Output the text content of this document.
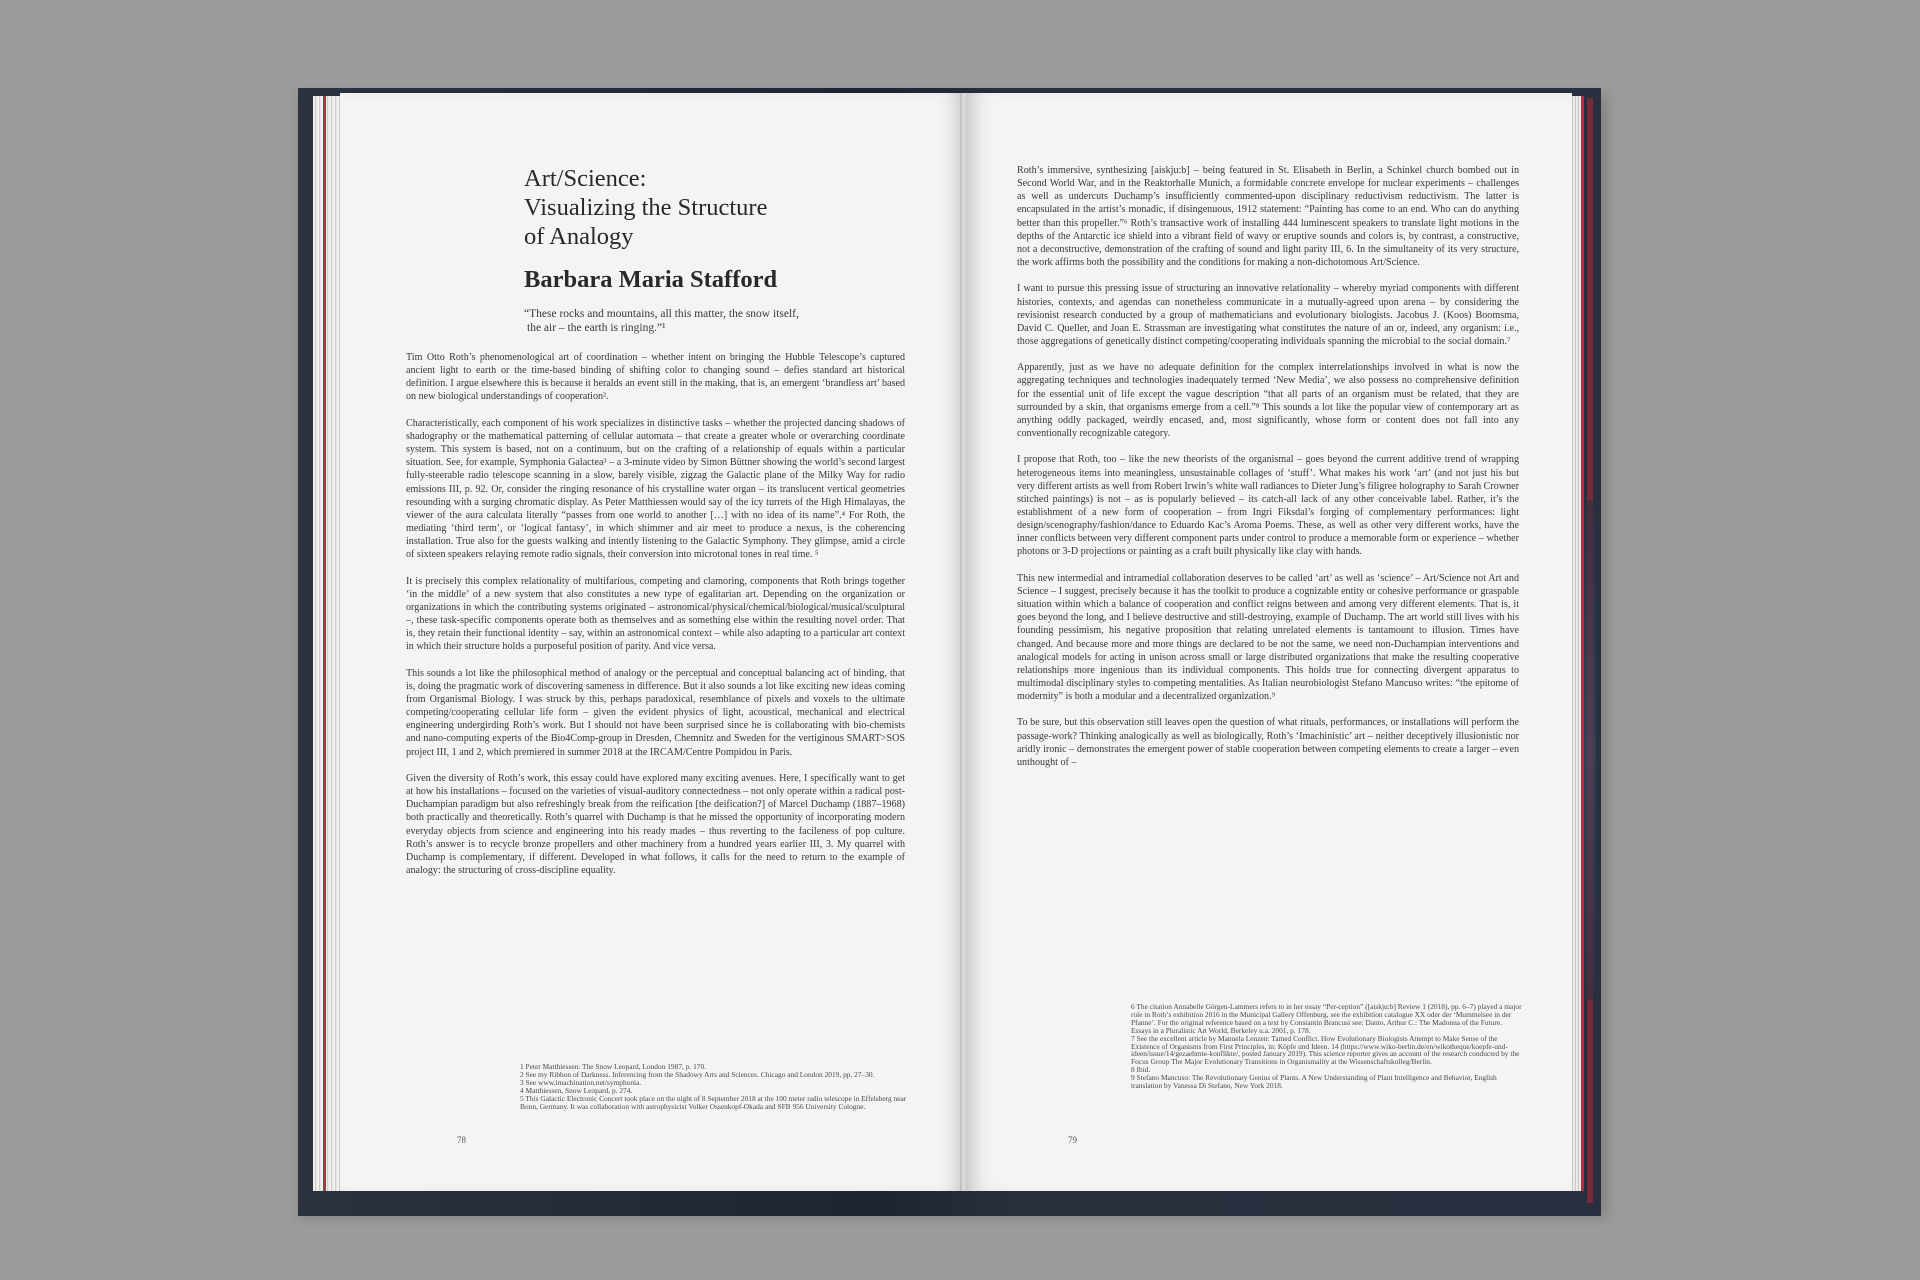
Art/Science:
Visualizing the Structure
of Analogy
Barbara Maria Stafford
“These rocks and mountains, all this matter, the snow itself,
the air – the earth is ringing.”¹

Tim Otto Roth’s phenomenological art of coordination – whether intent on bringing the Hubble Telescope’s captured ancient light to earth or the time-based binding of shifting color to changing sound – defies standard art historical definition. I argue elsewhere this is because it heralds an event still in the making, that is, an emergent ‘brandless art’ based on new biological understandings of cooperation².

Characteristically, each component of his work specializes in distinctive tasks – whether the projected dancing shadows of shadography or the mathematical patterning of cellular automata – that create a greater whole or overarching coordinate system. This system is based, not on a continuum, but on the crafting of a relationship of equals within a particular situation. See, for example, Symphonia Galactea³ – a 3-minute video by Simon Büttner showing the world’s second largest fully-steerable radio telescope scanning in a slow, barely visible, zigzag the Galactic plane of the Milky Way for radio emissions III, p. 92. Or, consider the ringing resonance of his crystalline water organ – its translucent vertical geometries resounding with a surging chromatic display. As Peter Matthiessen would say of the icy turrets of the High Himalayas, the viewer of the aura calculata literally “passes from one world to another […] with no idea of its name”.⁴ For Roth, the mediating ‘third term’, or ‘logical fantasy’, in which shimmer and air meet to produce a nexus, is the coherencing installation. True also for the guests walking and intently listening to the Galactic Symphony. They glimpse, amid a circle of sixteen speakers relaying remote radio signals, their conversion into microtonal tones in real time. ⁵

It is precisely this complex relationality of multifarious, competing and clamoring, components that Roth brings together ‘in the middle’ of a new system that also constitutes a new type of egalitarian art. Depending on the organization or organizations in which the contributing systems originated – astronomical/physical/chemical/biological/musical/sculptural –, these task-specific components operate both as themselves and as something else within the resulting novel order. That is, they retain their functional identity – say, within an astronomical context – while also adapting to a particular art context in which their structure holds a purposeful position of parity. And vice versa.

This sounds a lot like the philosophical method of analogy or the perceptual and conceptual balancing act of binding, that is, doing the pragmatic work of discovering sameness in difference. But it also sounds a lot like exciting new ideas coming from Organismal Biology. I was struck by this, perhaps paradoxical, resemblance of pixels and voxels to the ultimate competing/cooperating cellular life form – given the evident physics of light, acoustical, mechanical and electrical engineering undergirding Roth’s work. But I should not have been surprised since he is collaborating with bio-chemists and nano-computing experts of the Bio4Comp-group in Dresden, Chemnitz and Sweden for the vertiginous SMART>SOS project III, 1 and 2, which premiered in summer 2018 at the IRCAM/Centre Pompidou in Paris.

Given the diversity of Roth’s work, this essay could have explored many exciting avenues. Here, I specifically want to get at how his installations – focused on the varieties of visual-auditory connectedness – not only operate within a radical post-Duchampian paradigm but also refreshingly break from the reification [the deification?] of Marcel Duchamp (1887–1968) both practically and theoretically. Roth’s quarrel with Duchamp is that he missed the opportunity of incorporating modern everyday objects from science and engineering into his ready mades – thus reverting to the facileness of pop culture. Roth’s answer is to recycle bronze propellers and other machinery from a hundred years earlier III, 3. My quarrel with Duchamp is complementary, if different. Developed in what follows, it calls for the need to return to the example of analogy: the structuring of cross-discipline equality.

1 Peter Matthiessen: The Snow Leopard, London 1987, p. 170.

2 See my Ribbon of Darkness. Inferencing from the Shadowy Arts and Sciences. Chicago and London 2019, pp. 27–30.

3 See www.imachination.net/symphonia.

4 Matthiessen, Snow Leopard, p. 274.

5 This Galactic Electronic Concert took place on the night of 8 September 2018 at the 100 meter radio telescope in Effelsberg near Bonn, Germany. It was collaboration with astrophysicist Volker Ossenkopf-Okada and SFB 956 University Cologne.

78

Roth’s immersive, synthesizing [aiskju:b] – being featured in St. Elisabeth in Berlin, a Schinkel church bombed out in Second World War, and in the Reaktorhalle Munich, a formidable concrete envelope for nuclear experiments – challenges as well as undercuts Duchamp’s insufficiently commented-upon disciplinary reductivism reductivism. The latter is encapsulated in the artist’s monadic, if disingenuous, 1912 statement: “Painting has come to an end. Who can do anything better than this propeller.”⁶ Roth’s transactive work of installing 444 luminescent speakers to translate light motions in the depths of the Antarctic ice shield into a vibrant field of wavy or eruptive sounds and colors is, by contrast, a constructive, not a deconstructive, demonstration of the crafting of sound and light parity III, 6. In the simultaneity of its very structure, the work affirms both the possibility and the conditions for making a non-dichotomous Art/Science.

I want to pursue this pressing issue of structuring an innovative relationality – whereby myriad components with different histories, contexts, and agendas can nonetheless communicate in a mutually-agreed upon arena – by considering the revisionist research conducted by a group of mathematicians and evolutionary biologists. Jacobus J. (Koos) Boomsma, David C. Queller, and Joan E. Strassman are investigating what constitutes the nature of an or, indeed, any organism: i.e., those aggregations of genetically distinct competing/cooperating individuals spanning the microbial to the social domain.⁷

Apparently, just as we have no adequate definition for the complex interrelationships involved in what is now the aggregating techniques and technologies inadequately termed ‘New Media’, we also possess no comprehensive definition for the essential unit of life except the vague description “that all parts of an organism must be related, that they are surrounded by a skin, that organisms emerge from a cell.”⁸ This sounds a lot like the popular view of contemporary art as anything oddly packaged, weirdly encased, and, most significantly, whose form or content does not fall into any conventionally recognizable category.

I propose that Roth, too – like the new theorists of the organismal – goes beyond the current additive trend of wrapping heterogeneous items into meaningless, unsustainable collages of ‘stuff’. What makes his work ‘art’ (and not just his but very different artists as well from Robert Irwin’s white wall radiances to Dieter Jung’s filigree holography to Sarah Crowner stitched paintings) is not – as is popularly believed – its catch-all lack of any other conceivable label. Rather, it’s the establishment of a new form of cooperation – from Ingri Fiksdal’s forging of complementary performances: light design/scenography/fashion/dance to Eduardo Kac’s Aroma Poems. These, as well as other very different works, have the inner conflicts between very different component parts under control to produce a memorable form or experience – whether photons or 3-D projections or painting as a craft built physically like clay with hands.

This new intermedial and intramedial collaboration deserves to be called ‘art’ as well as ‘science’ – Art/Science not Art and Science – I suggest, precisely because it has the toolkit to produce a cognizable entity or cohesive performance or graspable situation within which a balance of cooperation and conflict reigns between and among very different elements. That is, it goes beyond the long, and I believe destructive and still-destroying, example of Duchamp. The art world still lives with his founding pessimism, his negative proposition that relating unrelated elements is tantamount to illusion. Times have changed. And because more and more things are declared to be not the same, we need non-Duchampian interventions and analogical models for acting in unison across small or large distributed organizations that make the resulting cooperative relationships more ingenious than its individual components. This holds true for connecting divergent apparatus to multimodal disciplinary styles to competing mentalities. As Italian neurobiologist Stefano Mancuso writes: “the epitome of modernity” is both a modular and a decentralized organization.⁹

To be sure, but this observation still leaves open the question of what rituals, performances, or installations will perform the passage-work? Thinking analogically as well as biologically, Roth’s ‘Imachinistic’ art – neither deceptively illusionistic nor aridly ironic – demonstrates the emergent power of stable cooperation between competing elements to create a larger – even unthought of –

6 The citation Annabelle Görgen-Lammers refers to in her essay “Per-ception” ([aiskju:b] Review 1 (2018), pp. 6–7) played a major role in Roth’s exhibition 2016 in the Municipal Gallery Offenburg, see the exhibition catalogue XX oder der ‘Mummelsee in der Pfanne’. For the original reference based on a text by Constantin Brancusi see: Danto, Arthur C.: The Madonna of the Future. Essays in a Pluralistic Art World, Berkeley u.a. 2001, p. 178.

7 See the excellent article by Manuela Lenzen: Tamed Conflict. How Evolutionary Biologists Attempt to Make Sense of the Existence of Organisms from First Principles, in: Köpfe und Ideen. 14 (https://www.wiko-berlin.de/en/wikotheque/koepfe-und-ideen/issue/14/gezaehmte-konflikte/, posted January 2019). This science reporter gives an account of the research conducted by the Focus Group The Major Evolutionary Transitions in Organismality at the Wissenschaftskolleg/Berlin.

8 Ibid.

9 Stefano Mancuso: The Revolutionary Genius of Plants. A New Understanding of Plant Intelligence and Behavior, English translation by Vanessa Di Stefano, New York 2018.

79
